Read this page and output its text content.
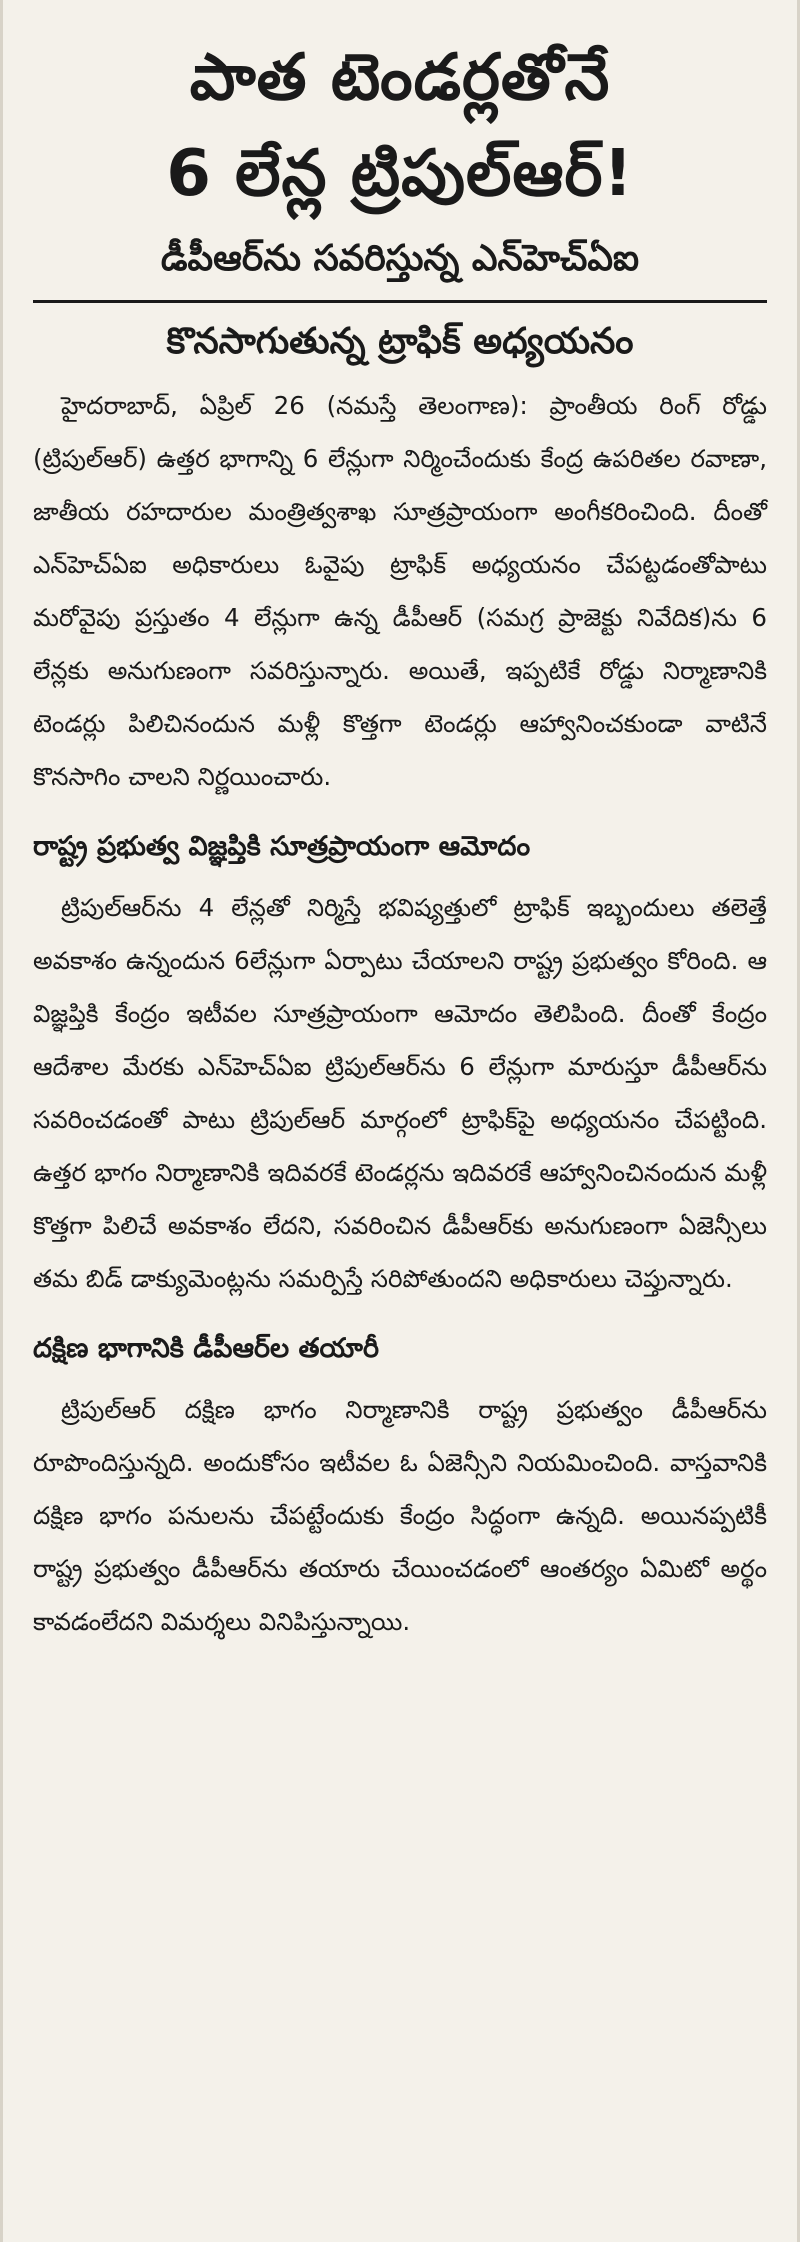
పాత టెండర్లతోనే
6 లేన్ల ట్రిపుల్‌ఆర్!
డీపీఆర్‌ను సవరిస్తున్న ఎన్‌హెచ్‌ఏఐ
కొనసాగుతున్న ట్రాఫిక్ అధ్యయనం

హైదరాబాద్, ఏప్రిల్ 26 (నమస్తే తెలంగాణ): ప్రాంతీయ రింగ్ రోడ్డు (ట్రిపుల్‌ఆర్) ఉత్తర భాగాన్ని 6 లేన్లుగా నిర్మించేందుకు కేంద్ర ఉపరితల రవాణా, జాతీయ రహదారుల మంత్రిత్వశాఖ సూత్రప్రాయంగా అంగీకరించింది. దీంతో ఎన్‌హెచ్‌ఏఐ అధికారులు ఓవైపు ట్రాఫిక్ అధ్యయనం చేపట్టడంతోపాటు మరోవైపు ప్రస్తుతం 4 లేన్లుగా ఉన్న డీపీఆర్ (సమగ్ర ప్రాజెక్టు నివేదిక)ను 6 లేన్లకు అనుగుణంగా సవరిస్తున్నారు. అయితే, ఇప్పటికే రోడ్డు నిర్మాణానికి టెండర్లు పిలిచినందున మళ్లీ కొత్తగా టెండర్లు ఆహ్వానించకుండా వాటినే కొనసాగిం చాలని నిర్ణయించారు.

రాష్ట్ర ప్రభుత్వ విజ్ఞప్తికి సూత్రప్రాయంగా ఆమోదం

ట్రిపుల్‌ఆర్‌ను 4 లేన్లతో నిర్మిస్తే భవిష్యత్తులో ట్రాఫిక్ ఇబ్బందులు తలెత్తే అవకాశం ఉన్నందున 6లేన్లుగా ఏర్పాటు చేయాలని రాష్ట్ర ప్రభుత్వం కోరింది. ఆ విజ్ఞప్తికి కేంద్రం ఇటీవల సూత్రప్రాయంగా ఆమోదం తెలిపింది. దీంతో కేంద్రం ఆదేశాల మేరకు ఎన్‌హెచ్‌ఏఐ ట్రిపుల్‌ఆర్‌ను 6 లేన్లుగా మారుస్తూ డీపీఆర్‌ను సవరించడంతో పాటు ట్రిపుల్‌ఆర్ మార్గంలో ట్రాఫిక్‌పై అధ్యయనం చేపట్టింది. ఉత్తర భాగం నిర్మాణానికి ఇదివరకే టెండర్లను ఇదివరకే ఆహ్వానించినందున మళ్లీ కొత్తగా పిలిచే అవకాశం లేదని, సవరించిన డీపీఆర్‌కు అనుగుణంగా ఏజెన్సీలు తమ బిడ్ డాక్యుమెంట్లను సమర్పిస్తే సరిపోతుందని అధికారులు చెప్తున్నారు.

దక్షిణ భాగానికి డీపీఆర్‌ల తయారీ

ట్రిపుల్‌ఆర్ దక్షిణ భాగం నిర్మాణానికి రాష్ట్ర ప్రభుత్వం డీపీఆర్‌ను రూపొందిస్తున్నది. అందుకోసం ఇటీవల ఓ ఏజెన్సీని నియమించింది. వాస్తవానికి దక్షిణ భాగం పనులను చేపట్టేందుకు కేంద్రం సిద్ధంగా ఉన్నది. అయినప్పటికీ రాష్ట్ర ప్రభుత్వం డీపీఆర్‌ను తయారు చేయించడంలో ఆంతర్యం ఏమిటో అర్థం కావడంలేదని విమర్శలు వినిపిస్తున్నాయి.
